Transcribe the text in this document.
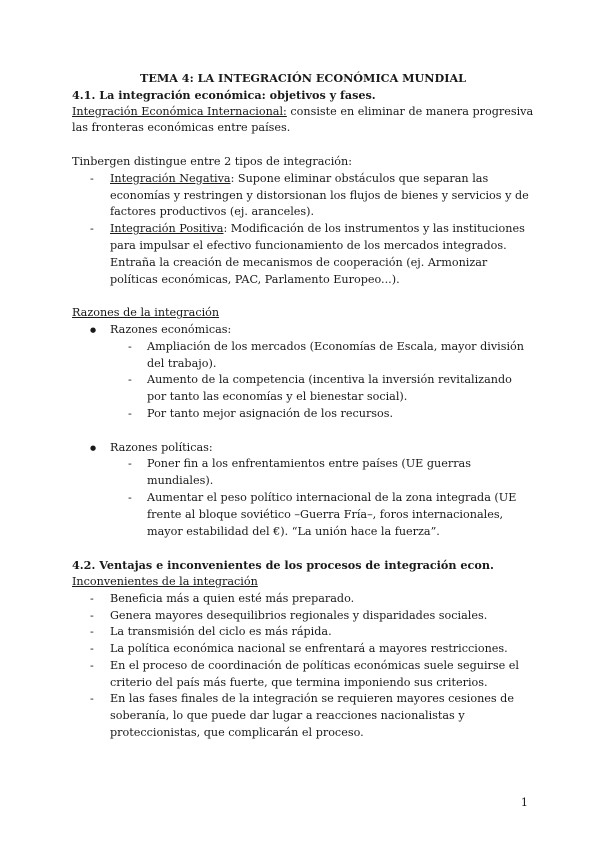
TEMA 4: LA INTEGRACIÓN ECONÓMICA MUNDIAL
4.1. La integración económica: objetivos y fases.
Integración Económica Internacional: consiste en eliminar de manera progresiva las fronteras económicas entre países.
Tinbergen distingue entre 2 tipos de integración:
- Integración Negativa: Supone eliminar obstáculos que separan las economías y restringen y distorsionan los flujos de bienes y servicios y de factores productivos (ej. aranceles).
- Integración Positiva: Modificación de los instrumentos y las instituciones para impulsar el efectivo funcionamiento de los mercados integrados. Entraña la creación de mecanismos de cooperación (ej. Armonizar políticas económicas, PAC, Parlamento Europeo...).
Razones de la integración
● Razones económicas:
- Ampliación de los mercados (Economías de Escala, mayor división del trabajo).
- Aumento de la competencia (incentiva la inversión revitalizando por tanto las economías y el bienestar social).
- Por tanto mejor asignación de los recursos.
● Razones políticas:
- Poner fin a los enfrentamientos entre países (UE guerras mundiales).
- Aumentar el peso político internacional de la zona integrada (UE frente al bloque soviético –Guerra Fría–, foros internacionales, mayor estabilidad del €). “La unión hace la fuerza”.
4.2. Ventajas e inconvenientes de los procesos de integración econ.
Inconvenientes de la integración
- Beneficia más a quien esté más preparado.
- Genera mayores desequilibrios regionales y disparidades sociales.
- La transmisión del ciclo es más rápida.
- La política económica nacional se enfrentará a mayores restricciones.
- En el proceso de coordinación de políticas económicas suele seguirse el criterio del país más fuerte, que termina imponiendo sus criterios.
- En las fases finales de la integración se requieren mayores cesiones de soberanía, lo que puede dar lugar a reacciones nacionalistas y proteccionistas, que complicarán el proceso.
1
